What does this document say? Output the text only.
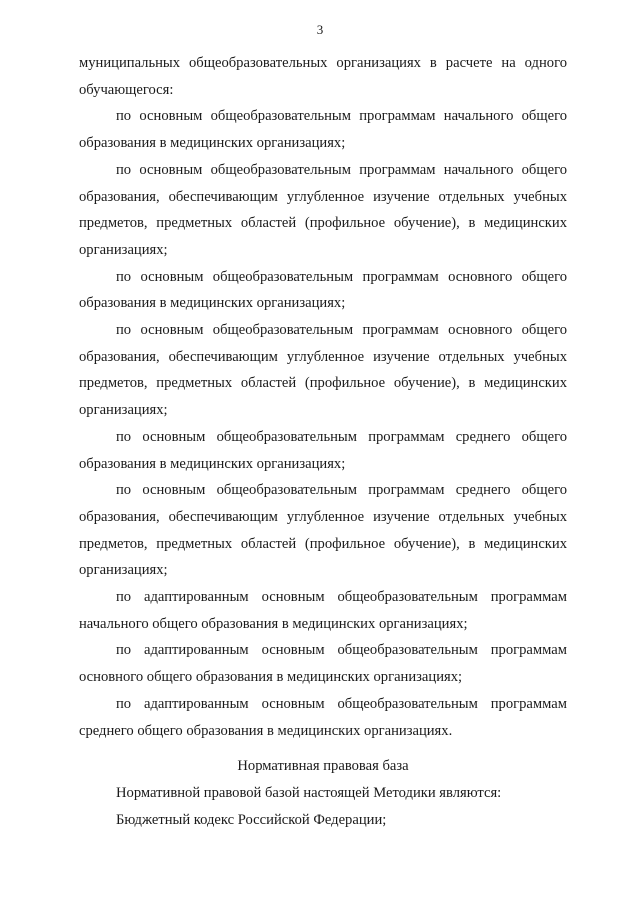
3

муниципальных общеобразовательных организациях в расчете на одного обучающегося:

по основным общеобразовательным программам начального общего образования в медицинских организациях;

по основным общеобразовательным программам начального общего образования, обеспечивающим углубленное изучение отдельных учебных предметов, предметных областей (профильное обучение), в медицинских организациях;

по основным общеобразовательным программам основного общего образования в медицинских организациях;

по основным общеобразовательным программам основного общего образования, обеспечивающим углубленное изучение отдельных учебных предметов, предметных областей (профильное обучение), в медицинских организациях;

по основным общеобразовательным программам среднего общего образования в медицинских организациях;

по основным общеобразовательным программам среднего общего образования, обеспечивающим углубленное изучение отдельных учебных предметов, предметных областей (профильное обучение), в медицинских организациях;

по адаптированным основным общеобразовательным программам начального общего образования в медицинских организациях;

по адаптированным основным общеобразовательным программам основного общего образования в медицинских организациях;

по адаптированным основным общеобразовательным программам среднего общего образования в медицинских организациях.

Нормативная правовая база

Нормативной правовой базой настоящей Методики являются:

Бюджетный кодекс Российской Федерации;
